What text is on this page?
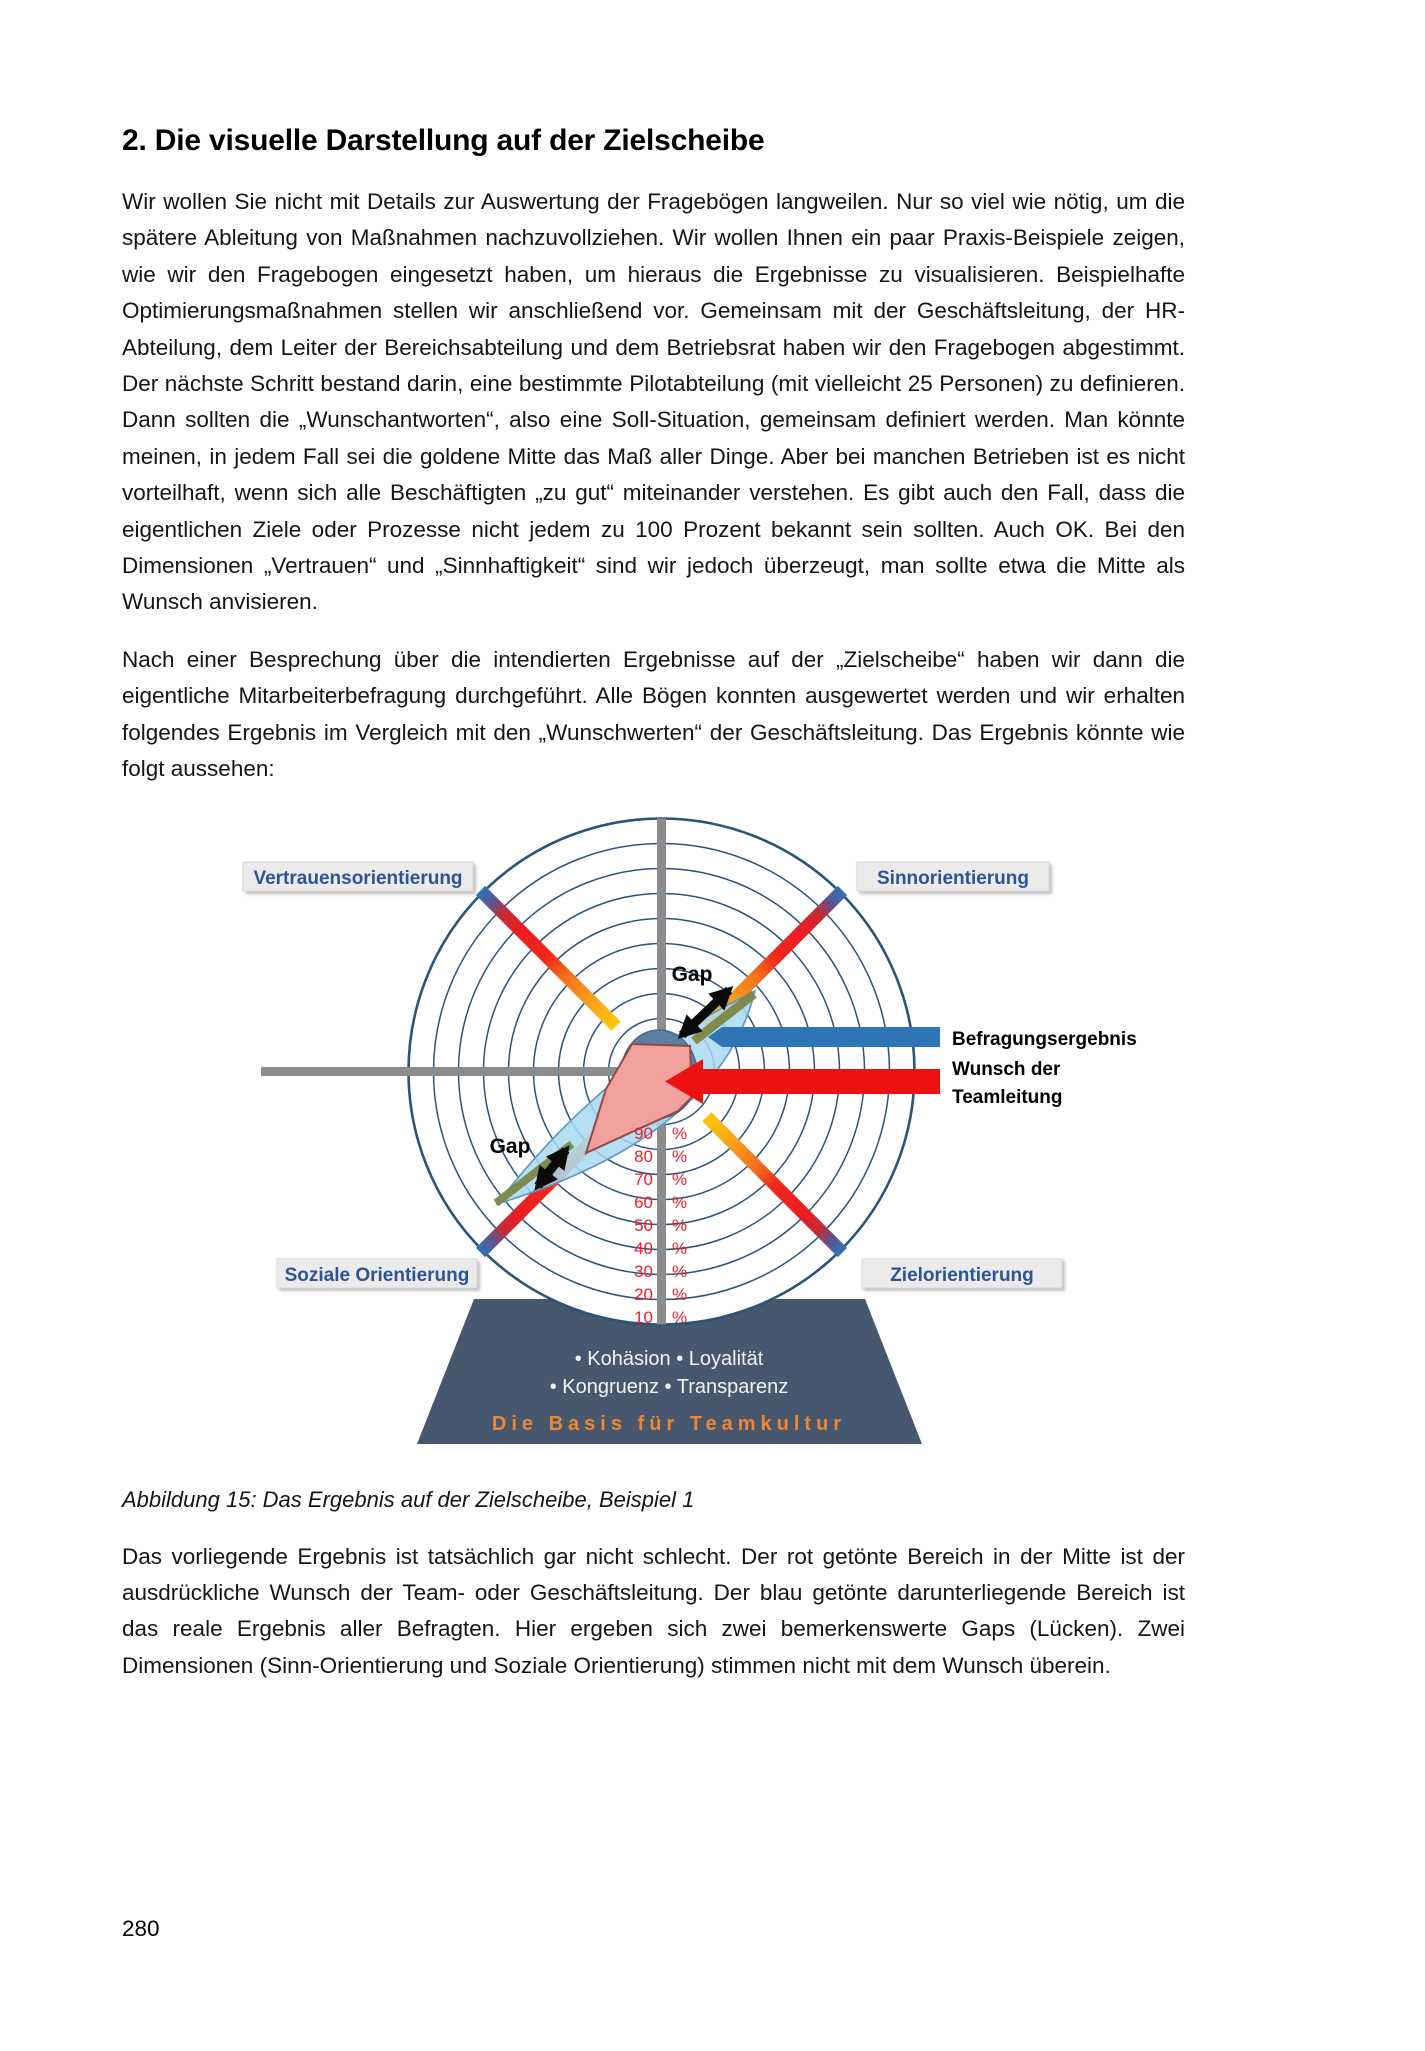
2. Die visuelle Darstellung auf der Zielscheibe

Wir wollen Sie nicht mit Details zur Auswertung der Fragebögen langweilen. Nur so viel wie nötig, um die spätere Ableitung von Maßnahmen nachzuvollziehen. Wir wollen Ihnen ein paar Praxis-Beispiele zeigen, wie wir den Fragebogen eingesetzt haben, um hieraus die Ergebnisse zu visualisieren. Beispielhafte Optimierungsmaßnahmen stellen wir anschließend vor. Gemeinsam mit der Geschäftsleitung, der HR-Abteilung, dem Leiter der Bereichsabteilung und dem Betriebsrat haben wir den Fragebogen abgestimmt. Der nächste Schritt bestand darin, eine bestimmte Pilotabteilung (mit vielleicht 25 Personen) zu definieren. Dann sollten die „Wunschantworten“, also eine Soll-Situation, gemeinsam definiert werden. Man könnte meinen, in jedem Fall sei die goldene Mitte das Maß aller Dinge. Aber bei manchen Betrieben ist es nicht vorteilhaft, wenn sich alle Beschäftigten „zu gut“ miteinander verstehen. Es gibt auch den Fall, dass die eigentlichen Ziele oder Prozesse nicht jedem zu 100 Prozent bekannt sein sollten. Auch OK. Bei den Dimensionen „Vertrauen“ und „Sinnhaftigkeit“ sind wir jedoch überzeugt, man sollte etwa die Mitte als Wunsch anvisieren.

Nach einer Besprechung über die intendierten Ergebnisse auf der „Zielscheibe“ haben wir dann die eigentliche Mitarbeiterbefragung durchgeführt. Alle Bögen konnten ausgewertet werden und wir erhalten folgendes Ergebnis im Vergleich mit den „Wunschwerten“ der Geschäftsleitung. Das Ergebnis könnte wie folgt aussehen:

Gap
Gap
Befragungsergebnis
Wunsch der
Teamleitung
90 %
80 %
70 %
60 %
50 %
40 %
30 %
20 %
10 %
Vertrauensorientierung	Sinnorientierung
Soziale Orientierung	Zielorientierung
• Kohäsion • Loyalität
• Kongruenz • Transparenz
Die Basis für Teamkultur

Abbildung 15: Das Ergebnis auf der Zielscheibe, Beispiel 1

Das vorliegende Ergebnis ist tatsächlich gar nicht schlecht. Der rot getönte Bereich in der Mitte ist der ausdrückliche Wunsch der Team- oder Geschäftsleitung. Der blau getönte darunterliegende Bereich ist das reale Ergebnis aller Befragten. Hier ergeben sich zwei bemerkenswerte Gaps (Lücken). Zwei Dimensionen (Sinn-Orientierung und Soziale Orientierung) stimmen nicht mit dem Wunsch überein.

280
